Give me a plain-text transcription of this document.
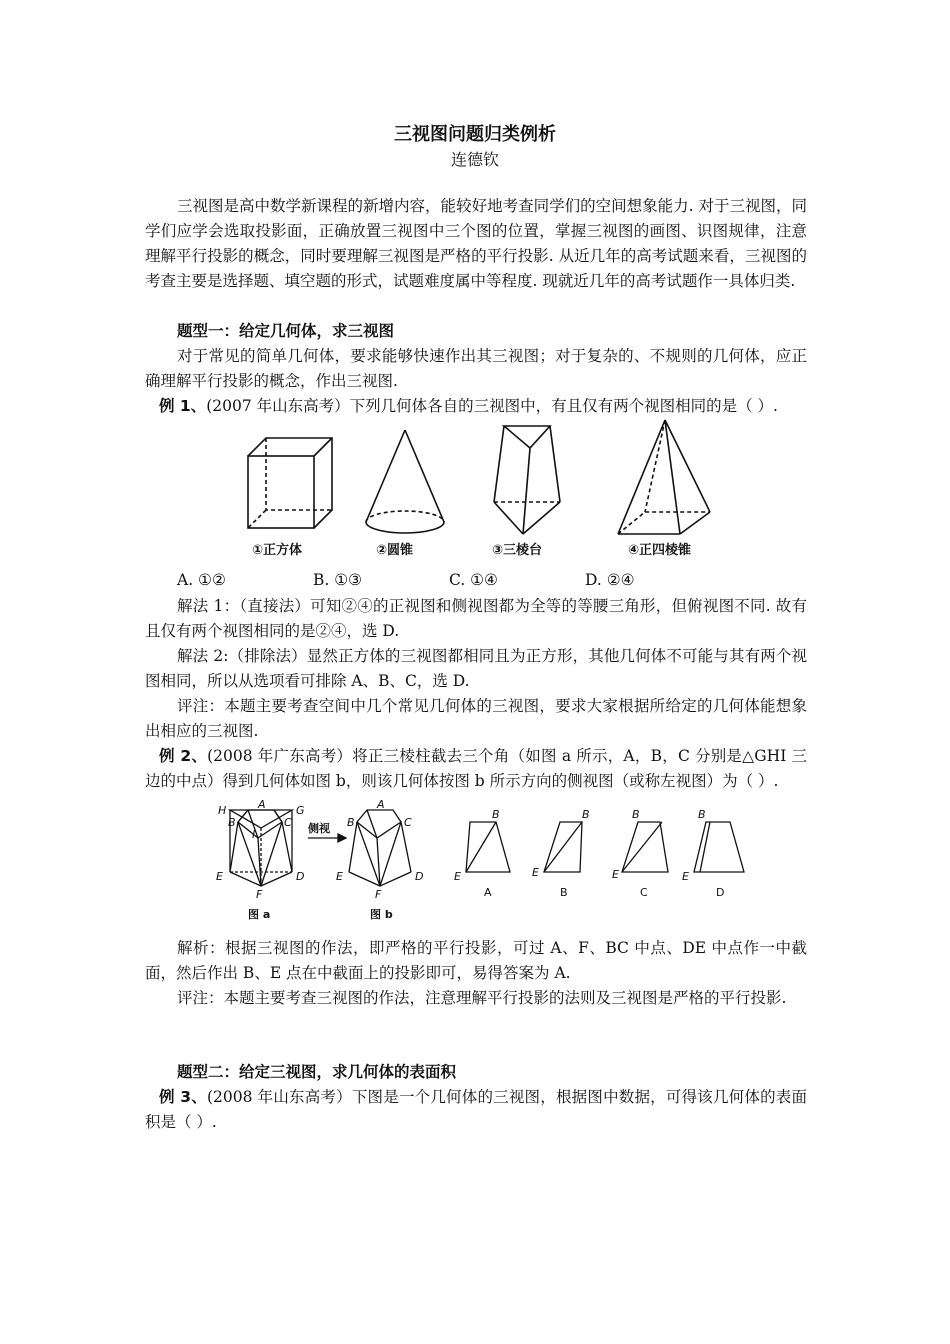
三视图问题归类例析
连德钦
三视图是高中数学新课程的新增内容，能较好地考查同学们的空间想象能力. 对于三视图，同学们应学会选取投影面，正确放置三视图中三个图的位置，掌握三视图的画图、识图规律，注意理解平行投影的概念，同时要理解三视图是严格的平行投影. 从近几年的高考试题来看，三视图的考查主要是选择题、填空题的形式，试题难度属中等程度. 现就近几年的高考试题作一具体归类.
题型一：给定几何体，求三视图
对于常见的简单几何体，要求能够快速作出其三视图；对于复杂的、不规则的几何体，应正确理解平行投影的概念，作出三视图.
例 1、(2007 年山东高考）下列几何体各自的三视图中，有且仅有两个视图相同的是（ ）.
①正方体	②圆锥	③三棱台	④正四棱锥
A. ①②	B. ①③	C. ①④	D. ②④
解法 1：（直接法）可知②④的正视图和侧视图都为全等的等腰三角形，但俯视图不同. 故有且仅有两个视图相同的是②④，选 D.
解法 2:（排除法）显然正方体的三视图都相同且为正方形，其他几何体不可能与其有两个视图相同，所以从选项看可排除 A、B、C，选 D.
评注：本题主要考查空间中几个常见几何体的三视图，要求大家根据所给定的几何体能想象出相应的三视图.
例 2、(2008 年广东高考）将正三棱柱截去三个角（如图 a 所示，A，B，C 分别是△GHI 三边的中点）得到几何体如图 b，则该几何体按图 b 所示方向的侧视图（或称左视图）为（ ）.
H	A	G
B	C
I
E	D
F
A
B	C
E	D
F
B
E
B
E
B
E
B
E
侧视
图 a	图 b
A	B	C	D
解析：根据三视图的作法，即严格的平行投影，可过 A、F、BC 中点、DE 中点作一中截面，然后作出 B、E 点在中截面上的投影即可，易得答案为 A.
评注：本题主要考查三视图的作法，注意理解平行投影的法则及三视图是严格的平行投影.
题型二：给定三视图，求几何体的表面积
例 3、(2008 年山东高考）下图是一个几何体的三视图，根据图中数据，可得该几何体的表面积是（ ）.
